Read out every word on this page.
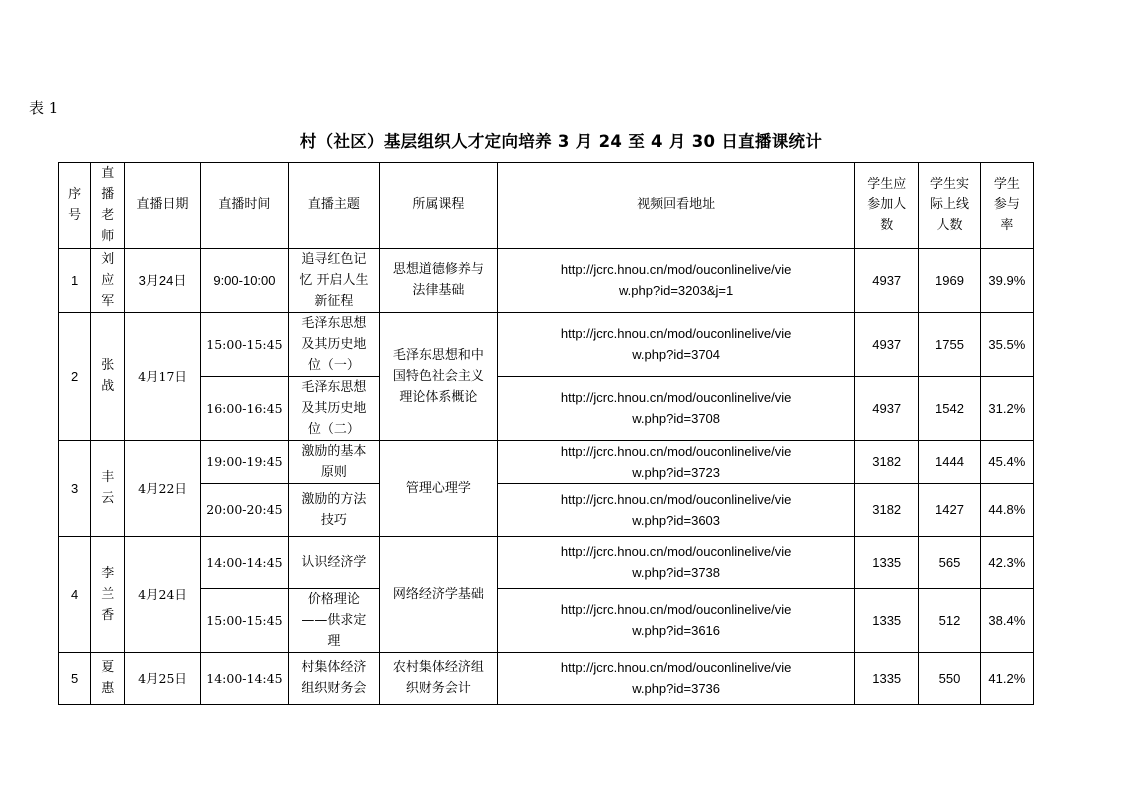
表 1
村（社区）基层组织人才定向培养 3 月 24 至 4 月 30 日直播课统计
序号	直播老师	直播日期	直播时间	直播主题	所属课程	视频回看地址	学生应参加人数	学生实际上线人数	学生参与率
1	刘应军	3月24日	9:00-10:00	追寻红色记忆 开启人生新征程	思想道德修养与法律基础	http://jcrc.hnou.cn/mod/ouconlinelive/view.php?id=3203&j=1	4937	1969	39.9%
2	张战	4月17日	15:00-15:45	毛泽东思想及其历史地位（一）	毛泽东思想和中国特色社会主义理论体系概论	http://jcrc.hnou.cn/mod/ouconlinelive/view.php?id=3704	4937	1755	35.5%
			16:00-16:45	毛泽东思想及其历史地位（二）		http://jcrc.hnou.cn/mod/ouconlinelive/view.php?id=3708	4937	1542	31.2%
3	丰云	4月22日	19:00-19:45	激励的基本原则	管理心理学	http://jcrc.hnou.cn/mod/ouconlinelive/view.php?id=3723	3182	1444	45.4%
			20:00-20:45	激励的方法技巧		http://jcrc.hnou.cn/mod/ouconlinelive/view.php?id=3603	3182	1427	44.8%
4	李兰香	4月24日	14:00-14:45	认识经济学	网络经济学基础	http://jcrc.hnou.cn/mod/ouconlinelive/view.php?id=3738	1335	565	42.3%
			15:00-15:45	价格理论——供求定理		http://jcrc.hnou.cn/mod/ouconlinelive/view.php?id=3616	1335	512	38.4%
5	夏惠	4月25日	14:00-14:45	村集体经济组织财务会	农村集体经济组织财务会计	http://jcrc.hnou.cn/mod/ouconlinelive/view.php?id=3736	1335	550	41.2%
